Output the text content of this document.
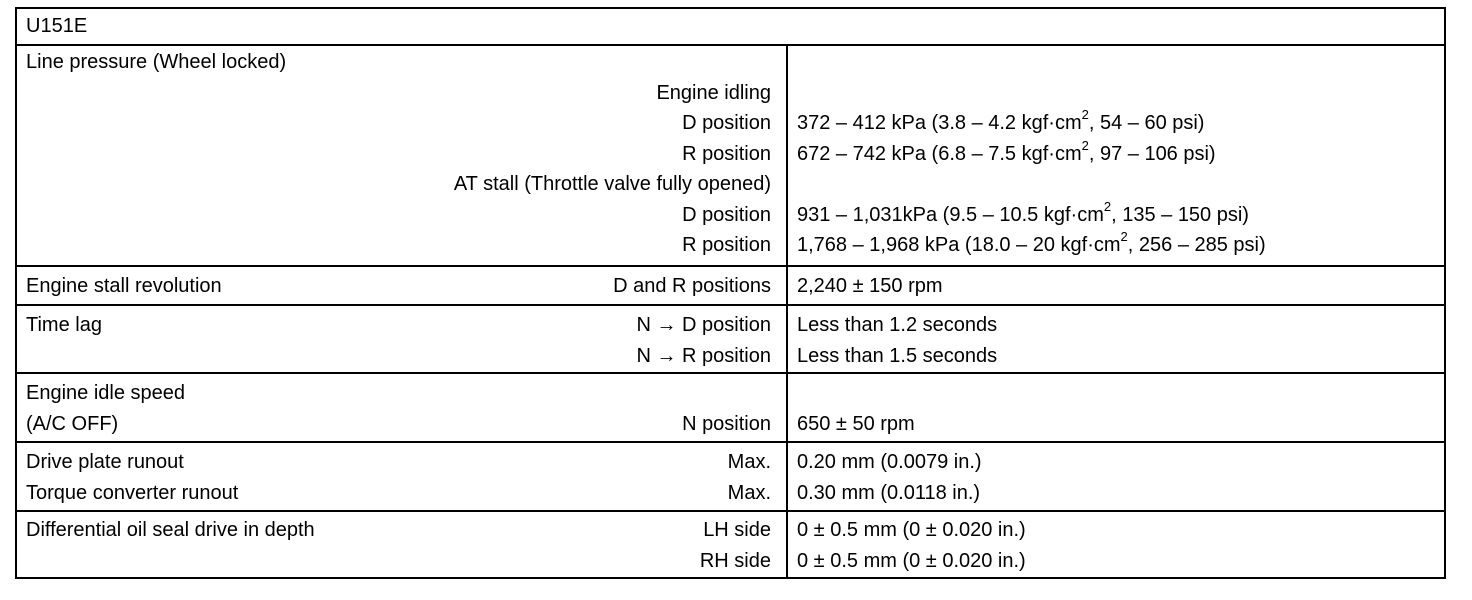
U151E
Line pressure (Wheel locked)
Engine idling
D position 372 – 412 kPa (3.8 – 4.2 $kgf\cdot cm^2$, 54 – 60 psi)
R position 672 – 742 kPa (6.8 – 7.5 $kgf\cdot cm^2$, 97 – 106 psi)
AT stall (Throttle valve fully opened)
D position 931 – 1,031kPa (9.5 – 10.5 $kgf\cdot cm^2$, 135 – 150 psi)
R position 1,768 – 1,968 kPa (18.0 – 20 $kgf\cdot cm^2$, 256 – 285 psi)
Engine stall revolution	D and R positions 2,240 ± 150 rpm
Time lag	N → D position Less than 1.2 seconds
N → R position Less than 1.5 seconds
Engine idle speed
(A/C OFF)	N position 650 ± 50 rpm
Drive plate runout	Max. 0.20 mm (0.0079 in.)
Torque converter runout	Max. 0.30 mm (0.0118 in.)
Differential oil seal drive in depth	LH side 0 ± 0.5 mm (0 ± 0.020 in.)
RH side 0 ± 0.5 mm (0 ± 0.020 in.)
